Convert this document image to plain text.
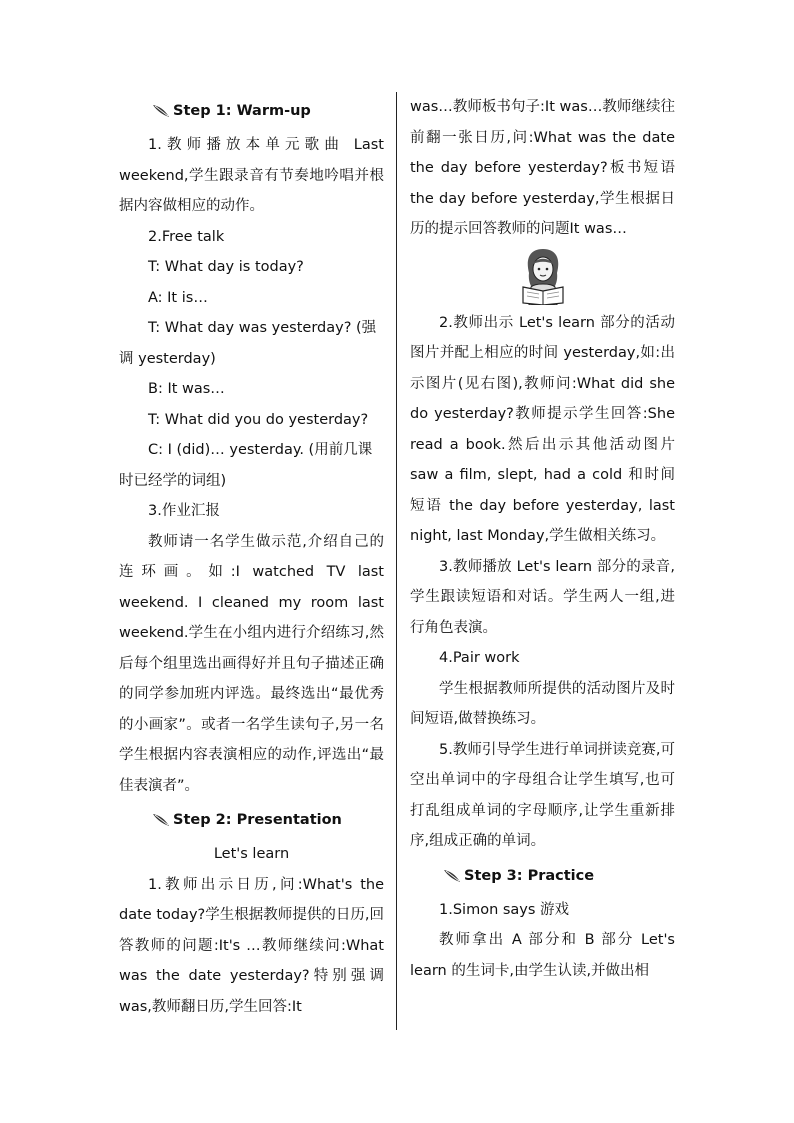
Step 1: Warm-up

1.教师播放本单元歌曲 Last weekend,学生跟录音有节奏地吟唱并根据内容做相应的动作。

2.Free talk

T: What day is today?

A: It is…

T: What day was yesterday? (强调 yesterday)

B: It was…

T: What did you do yesterday?

C: I (did)… yesterday. (用前几课时已经学的词组)

3.作业汇报

教师请一名学生做示范,介绍自己的连环画。如:I watched TV last weekend. I cleaned my room last weekend.学生在小组内进行介绍练习,然后每个组里选出画得好并且句子描述正确的同学参加班内评选。最终选出“最优秀的小画家”。或者一名学生读句子,另一名学生根据内容表演相应的动作,评选出“最佳表演者”。

Step 2: Presentation

Let's learn

1.教师出示日历,问:What's the date today?学生根据教师提供的日历,回答教师的问题:It's …教师继续问:What was the date yesterday?特别强调 was,教师翻日历,学生回答:It

was…教师板书句子:It was…教师继续往前翻一张日历,问:What was the date the day before yesterday?板书短语 the day before yesterday,学生根据日历的提示回答教师的问题It was…

2.教师出示 Let's learn 部分的活动图片并配上相应的时间 yesterday,如:出示图片(见右图),教师问:What did she do yesterday?教师提示学生回答:She read a book.然后出示其他活动图片 saw a film, slept, had a cold 和时间短语 the day before yesterday, last night, last Monday,学生做相关练习。

3.教师播放 Let's learn 部分的录音,学生跟读短语和对话。学生两人一组,进行角色表演。

4.Pair work

学生根据教师所提供的活动图片及时间短语,做替换练习。

5.教师引导学生进行单词拼读竞赛,可空出单词中的字母组合让学生填写,也可打乱组成单词的字母顺序,让学生重新排序,组成正确的单词。

Step 3: Practice

1.Simon says 游戏

教师拿出 A 部分和 B 部分 Let's learn 的生词卡,由学生认读,并做出相
